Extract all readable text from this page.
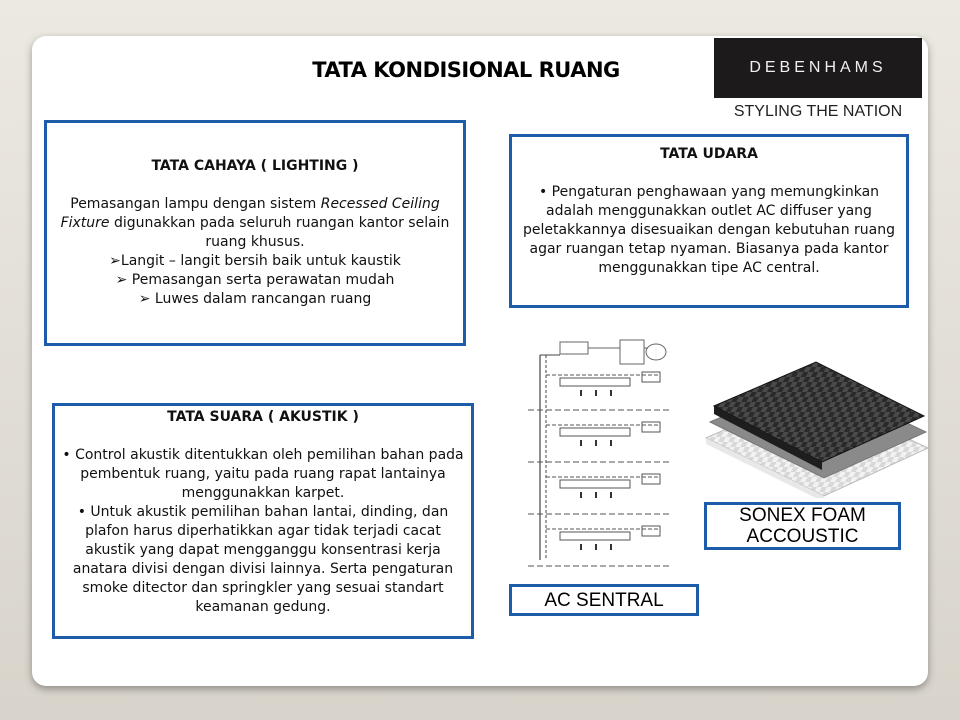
TATA KONDISIONAL RUANG	DEBENHAMS
STYLING THE NATION
TATA CAHAYA ( LIGHTING )

Pemasangan lampu dengan sistem Recessed Ceiling Fixture digunakkan pada seluruh ruangan kantor selain ruang khusus.

➢Langit – langit bersih baik untuk kaustik

➢ Pemasangan serta perawatan mudah

➢ Luwes dalam rancangan ruang

TATA UDARA

• Pengaturan penghawaan yang memungkinkan adalah menggunakkan outlet AC diffuser yang peletakkannya disesuaikan dengan kebutuhan ruang agar ruangan tetap nyaman. Biasanya pada kantor menggunakkan tipe AC central.

TATA SUARA ( AKUSTIK )

• Control akustik ditentukkan oleh pemilihan bahan pada pembentuk ruang, yaitu pada ruang rapat lantainya menggunakkan karpet.

• Untuk akustik pemilihan bahan lantai, dinding, dan plafon harus diperhatikkan agar tidak terjadi cacat akustik yang dapat mengganggu konsentrasi kerja anatara divisi dengan divisi lainnya. Serta pengaturan smoke ditector dan springkler yang sesuai standart keamanan gedung.	AC SENTRAL
SONEX FOAM
ACCOUSTIC
